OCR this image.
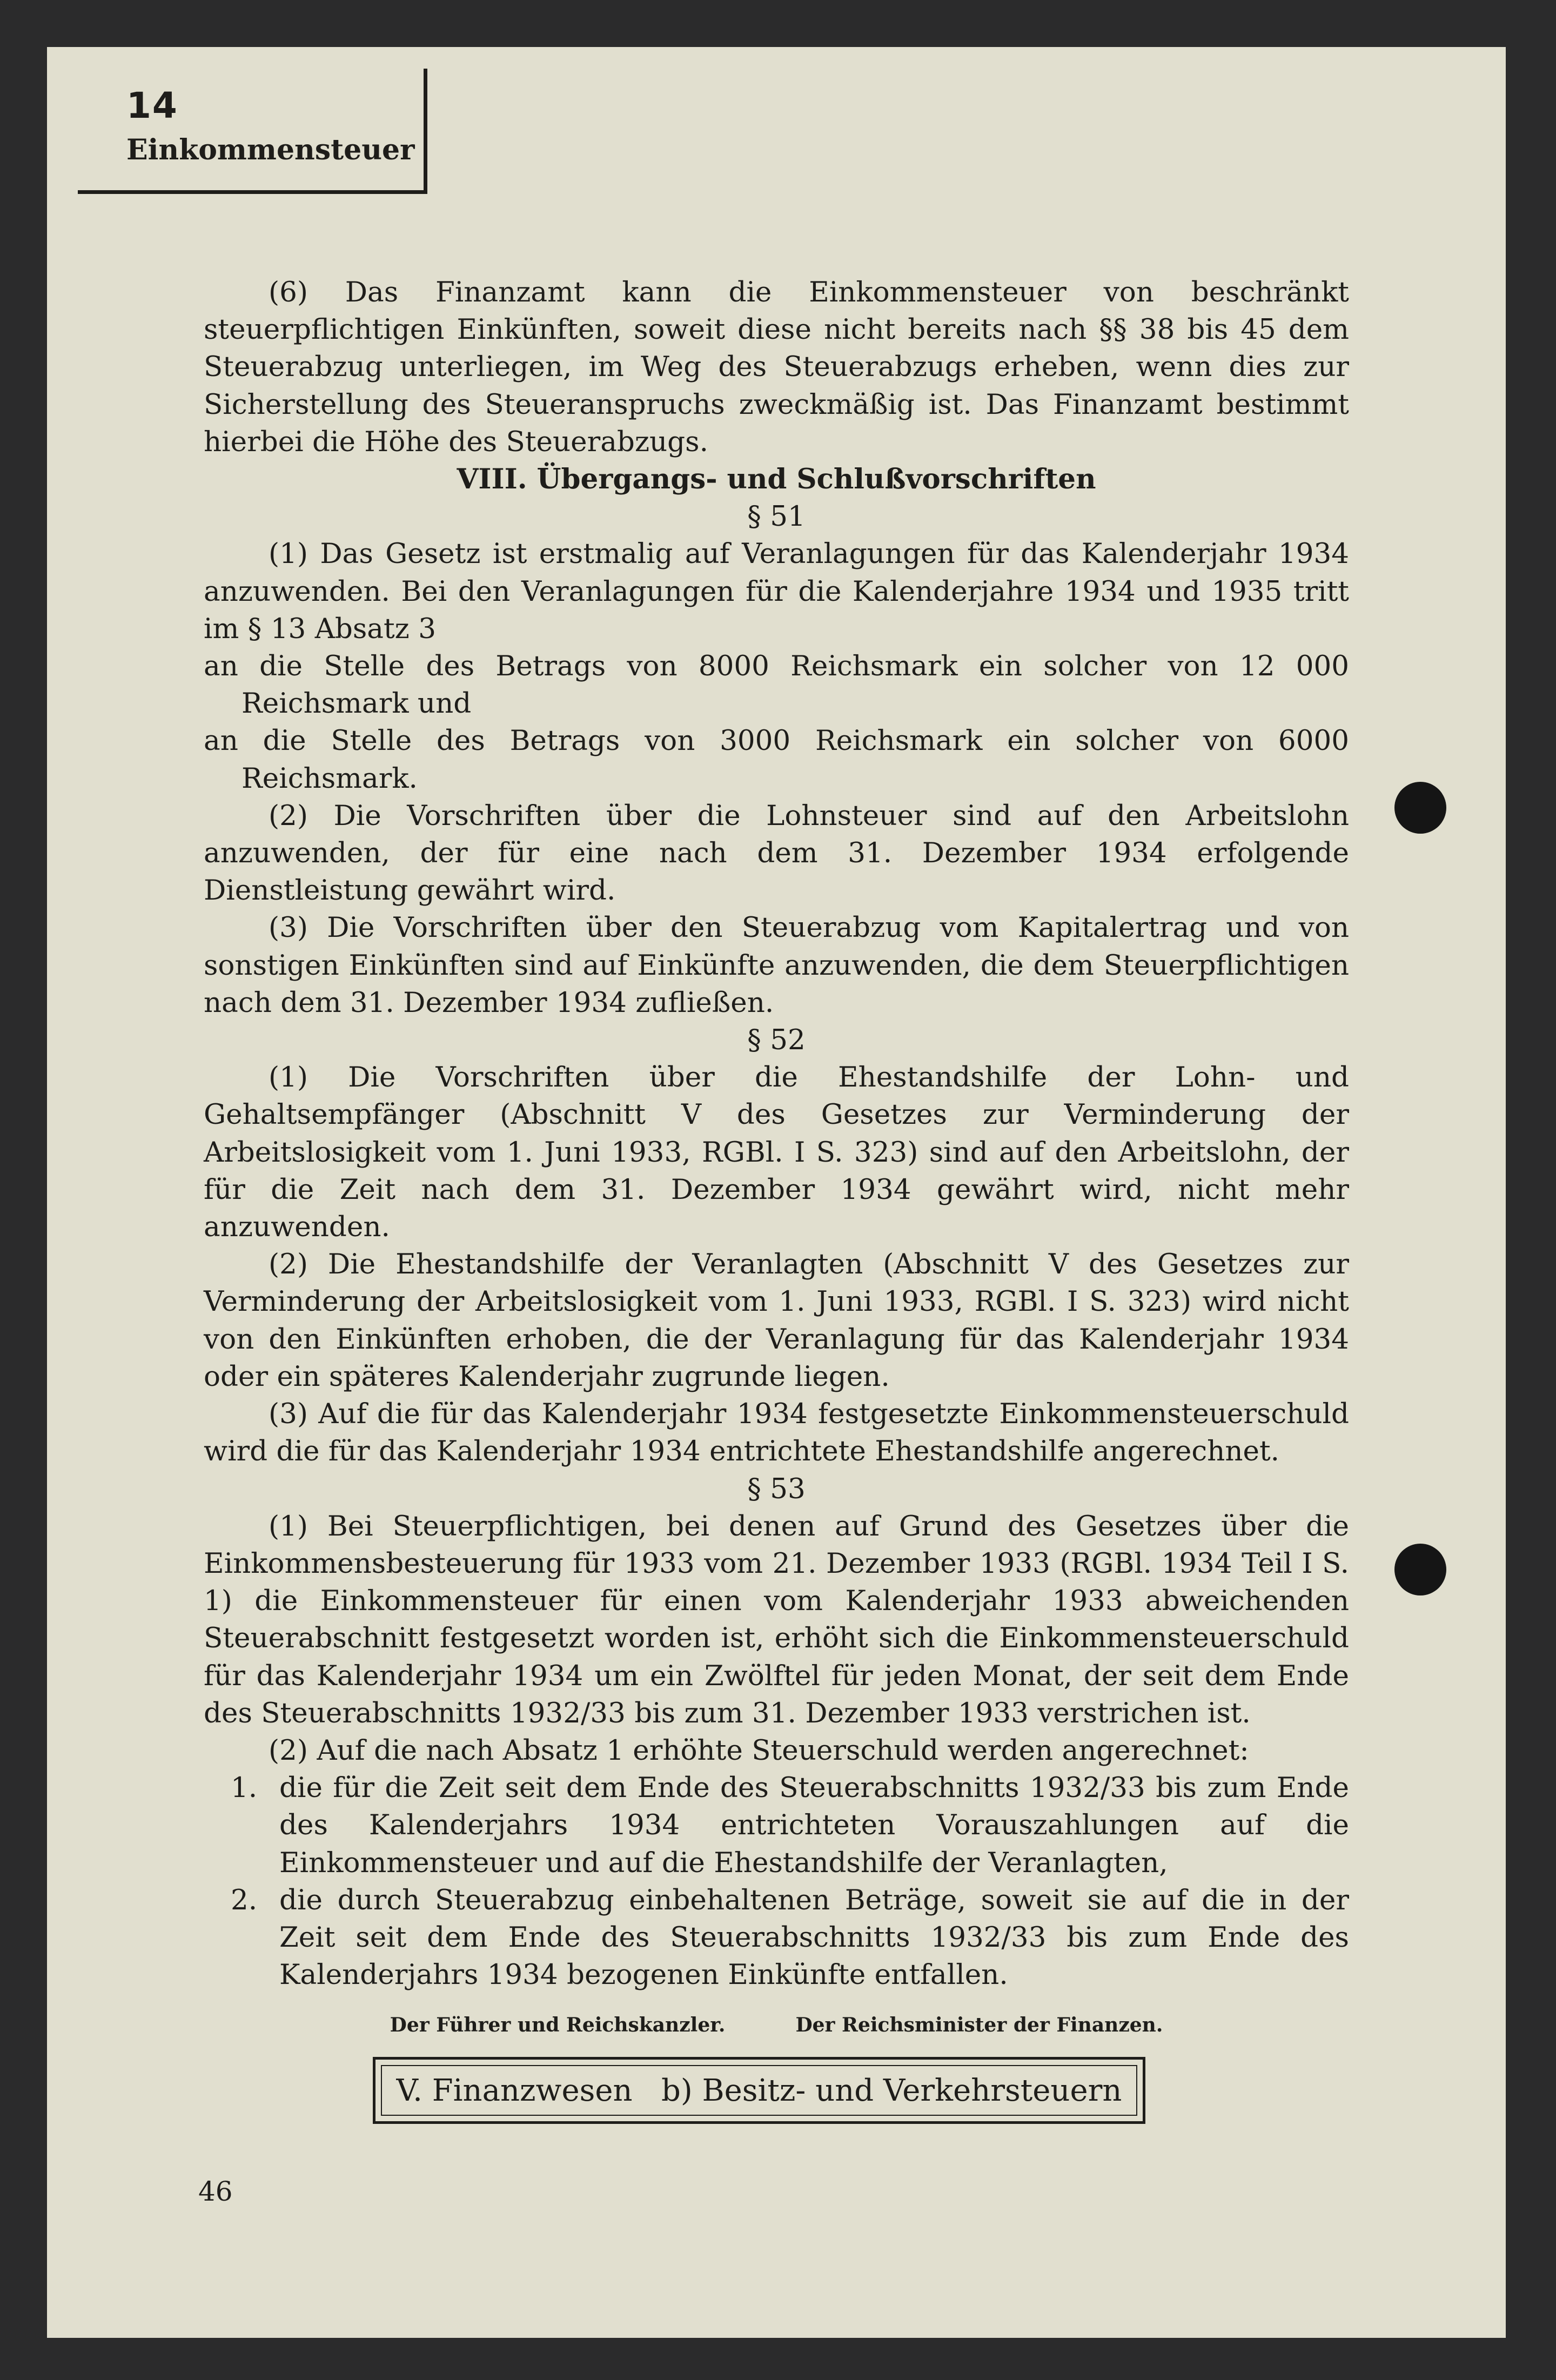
14
Einkommensteuer

(6) Das Finanzamt kann die Einkommensteuer von beschränkt steuerpflichtigen Einkünften, soweit diese nicht bereits nach §§ 38 bis 45 dem Steuerabzug unterliegen, im Weg des Steuerabzugs erheben, wenn dies zur Sicherstellung des Steueranspruchs zweckmäßig ist. Das Finanzamt bestimmt hierbei die Höhe des Steuerabzugs.

VIII. Übergangs- und Schlußvorschriften

§ 51

(1) Das Gesetz ist erstmalig auf Veranlagungen für das Kalenderjahr 1934 anzuwenden. Bei den Veranlagungen für die Kalenderjahre 1934 und 1935 tritt im § 13 Absatz 3

an die Stelle des Betrags von 8000 Reichsmark ein solcher von 12 000 Reichsmark und

an die Stelle des Betrags von 3000 Reichsmark ein solcher von 6000 Reichsmark.

(2) Die Vorschriften über die Lohnsteuer sind auf den Arbeitslohn anzuwenden, der für eine nach dem 31. Dezember 1934 erfolgende Dienstleistung gewährt wird.

(3) Die Vorschriften über den Steuerabzug vom Kapitalertrag und von sonstigen Einkünften sind auf Einkünfte anzuwenden, die dem Steuerpflichtigen nach dem 31. Dezember 1934 zufließen.

§ 52

(1) Die Vorschriften über die Ehestandshilfe der Lohn- und Gehaltsempfänger (Abschnitt V des Gesetzes zur Verminderung der Arbeitslosigkeit vom 1. Juni 1933, RGBl. I S. 323) sind auf den Arbeitslohn, der für die Zeit nach dem 31. Dezember 1934 gewährt wird, nicht mehr anzuwenden.

(2) Die Ehestandshilfe der Veranlagten (Abschnitt V des Gesetzes zur Verminderung der Arbeitslosigkeit vom 1. Juni 1933, RGBl. I S. 323) wird nicht von den Einkünften erhoben, die der Veranlagung für das Kalenderjahr 1934 oder ein späteres Kalenderjahr zugrunde liegen.

(3) Auf die für das Kalenderjahr 1934 festgesetzte Einkommensteuerschuld wird die für das Kalenderjahr 1934 entrichtete Ehestandshilfe angerechnet.

§ 53

(1) Bei Steuerpflichtigen, bei denen auf Grund des Gesetzes über die Einkommensbesteuerung für 1933 vom 21. Dezember 1933 (RGBl. 1934 Teil I S. 1) die Einkommensteuer für einen vom Kalenderjahr 1933 abweichenden Steuerabschnitt festgesetzt worden ist, erhöht sich die Einkommensteuerschuld für das Kalenderjahr 1934 um ein Zwölftel für jeden Monat, der seit dem Ende des Steuerabschnitts 1932/33 bis zum 31. Dezember 1933 verstrichen ist.

(2) Auf die nach Absatz 1 erhöhte Steuerschuld werden angerechnet:

1. die für die Zeit seit dem Ende des Steuerabschnitts 1932/33 bis zum Ende des Kalenderjahrs 1934 entrichteten Vorauszahlungen auf die Einkommensteuer und auf die Ehestandshilfe der Veranlagten,
2. die durch Steuerabzug einbehaltenen Beträge, soweit sie auf die in der Zeit seit dem Ende des Steuerabschnitts 1932/33 bis zum Ende des Kalenderjahrs 1934 bezogenen Einkünfte entfallen.
Der Führer und Reichskanzler.	Der Reichsminister der Finanzen.
V. Finanzwesen   b) Besitz- und Verkehrsteuern
46
